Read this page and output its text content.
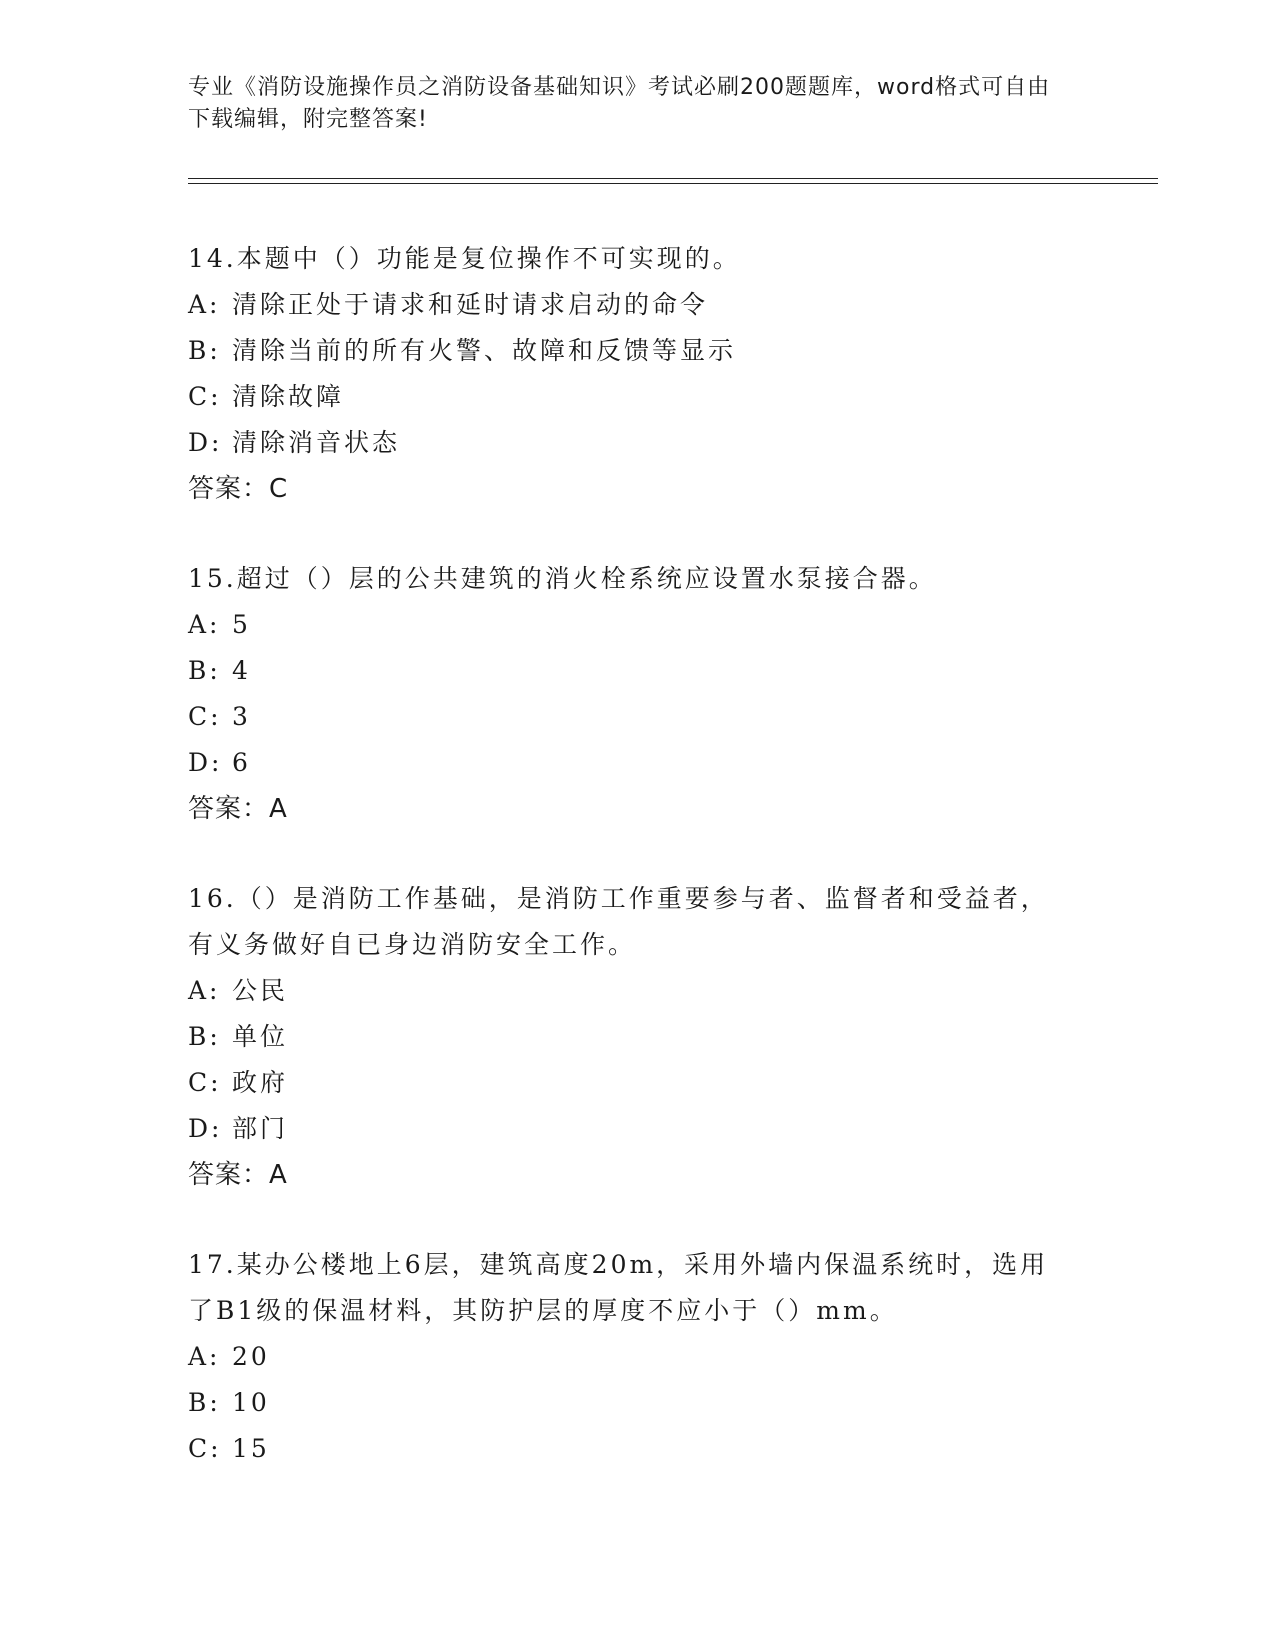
专业《消防设施操作员之消防设备基础知识》考试必刷200题题库，word格式可自由下载编辑，附完整答案!
14.本题中（）功能是复位操作不可实现的。
A: 清除正处于请求和延时请求启动的命令
B: 清除当前的所有火警、故障和反馈等显示
C: 清除故障
D: 清除消音状态
答案：C
15.超过（）层的公共建筑的消火栓系统应设置水泵接合器。
A: 5
B: 4
C: 3
D: 6
答案：A
16.（）是消防工作基础，是消防工作重要参与者、监督者和受益者，有义务做好自已身边消防安全工作。
A: 公民
B: 单位
C: 政府
D: 部门
答案：A
17.某办公楼地上6层，建筑高度20m，采用外墙内保温系统时，选用了B1级的保温材料，其防护层的厚度不应小于（）mm。
A: 20
B: 10
C: 15
